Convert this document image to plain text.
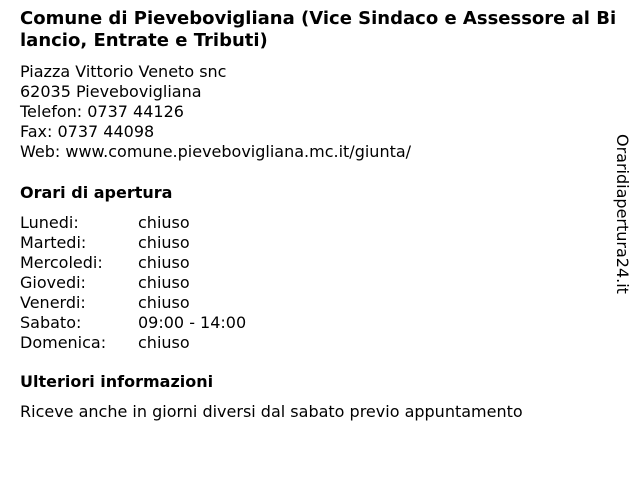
Comune di Pievebovigliana (Vice Sindaco e Assessore al Bilancio, Entrate e Tributi)
Piazza Vittorio Veneto snc
62035 Pievebovigliana
Telefon: 0737 44126
Fax: 0737 44098
Web: www.comune.pievebovigliana.mc.it/giunta/
Orari di apertura
Lunedi:	chiuso
Martedi:	chiuso
Mercoledi:	chiuso
Giovedi:	chiuso
Venerdi:	chiuso
Sabato:	09:00 - 14:00
Domenica:	chiuso
Ulteriori informazioni
Riceve anche in giorni diversi dal sabato previo appuntamento
Oraridiapertura24.it
